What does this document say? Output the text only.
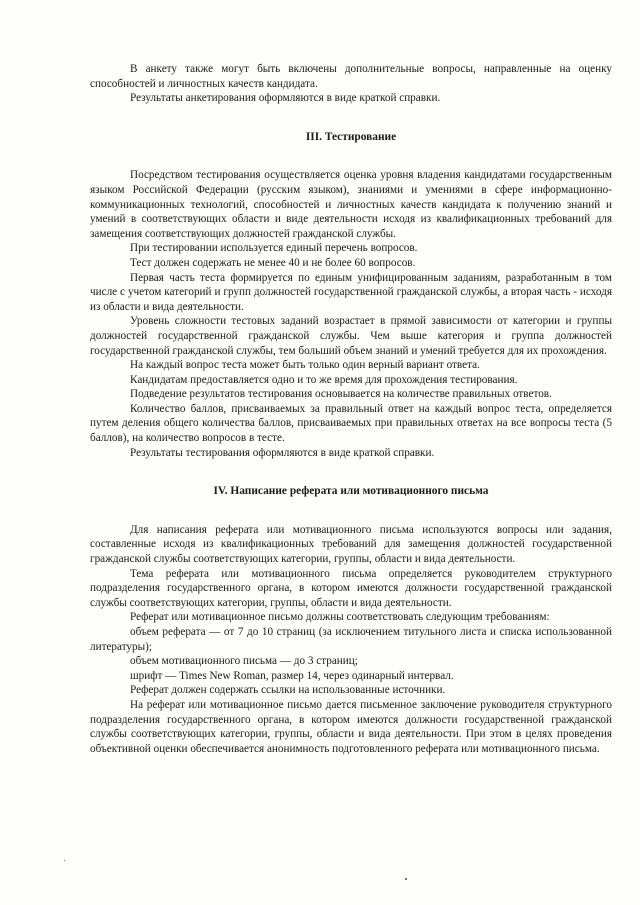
В анкету также могут быть включены дополнительные вопросы, направленные на оценку способностей и личностных качеств кандидата.

Результаты анкетирования оформляются в виде краткой справки.

III. Тестирование

Посредством тестирования осуществляется оценка уровня владения кандидатами государственным языком Российской Федерации (русским языком), знаниями и умениями в сфере информационно-коммуникационных технологий, способностей и личностных качеств кандидата к получению знаний и умений в соответствующих области и виде деятельности исходя из квалификационных требований для замещения соответствующих должностей гражданской службы.

При тестировании используется единый перечень вопросов.

Тест должен содержать не менее 40 и не более 60 вопросов.

Первая часть теста формируется по единым унифицированным заданиям, разработанным в том числе с учетом категорий и групп должностей государственной гражданской службы, а вторая часть - исходя из области и вида деятельности.

Уровень сложности тестовых заданий возрастает в прямой зависимости от категории и группы должностей государственной гражданской службы. Чем выше категория и группа должностей государственной гражданской службы, тем больший объем знаний и умений требуется для их прохождения.

На каждый вопрос теста может быть только один верный вариант ответа.

Кандидатам предоставляется одно и то же время для прохождения тестирования.

Подведение результатов тестирования основывается на количестве правильных ответов.

Количество баллов, присваиваемых за правильный ответ на каждый вопрос теста, определяется путем деления общего количества баллов, присваиваемых при правильных ответах на все вопросы теста (5 баллов), на количество вопросов в тесте.

Результаты тестирования оформляются в виде краткой справки.

IV. Написание реферата или мотивационного письма

Для написания реферата или мотивационного письма используются вопросы или задания, составленные исходя из квалификационных требований для замещения должностей государственной гражданской службы соответствующих категории, группы, области и вида деятельности.

Тема реферата или мотивационного письма определяется руководителем структурного подразделения государственного органа, в котором имеются должности государственной гражданской службы соответствующих категории, группы, области и вида деятельности.

Реферат или мотивационное письмо должны соответствовать следующим требованиям:

объем реферата — от 7 до 10 страниц (за исключением титульного листа и списка использованной литературы);

объем мотивационного письма — до 3 страниц;

шрифт — Times New Roman, размер 14, через одинарный интервал.

Реферат должен содержать ссылки на использованные источники.

На реферат или мотивационное письмо дается письменное заключение руководителя структурного подразделения государственного органа, в котором имеются должности государственной гражданской службы соответствующих категории, группы, области и вида деятельности. При этом в целях проведения объективной оценки обеспечивается анонимность подготовленного реферата или мотивационного письма.
